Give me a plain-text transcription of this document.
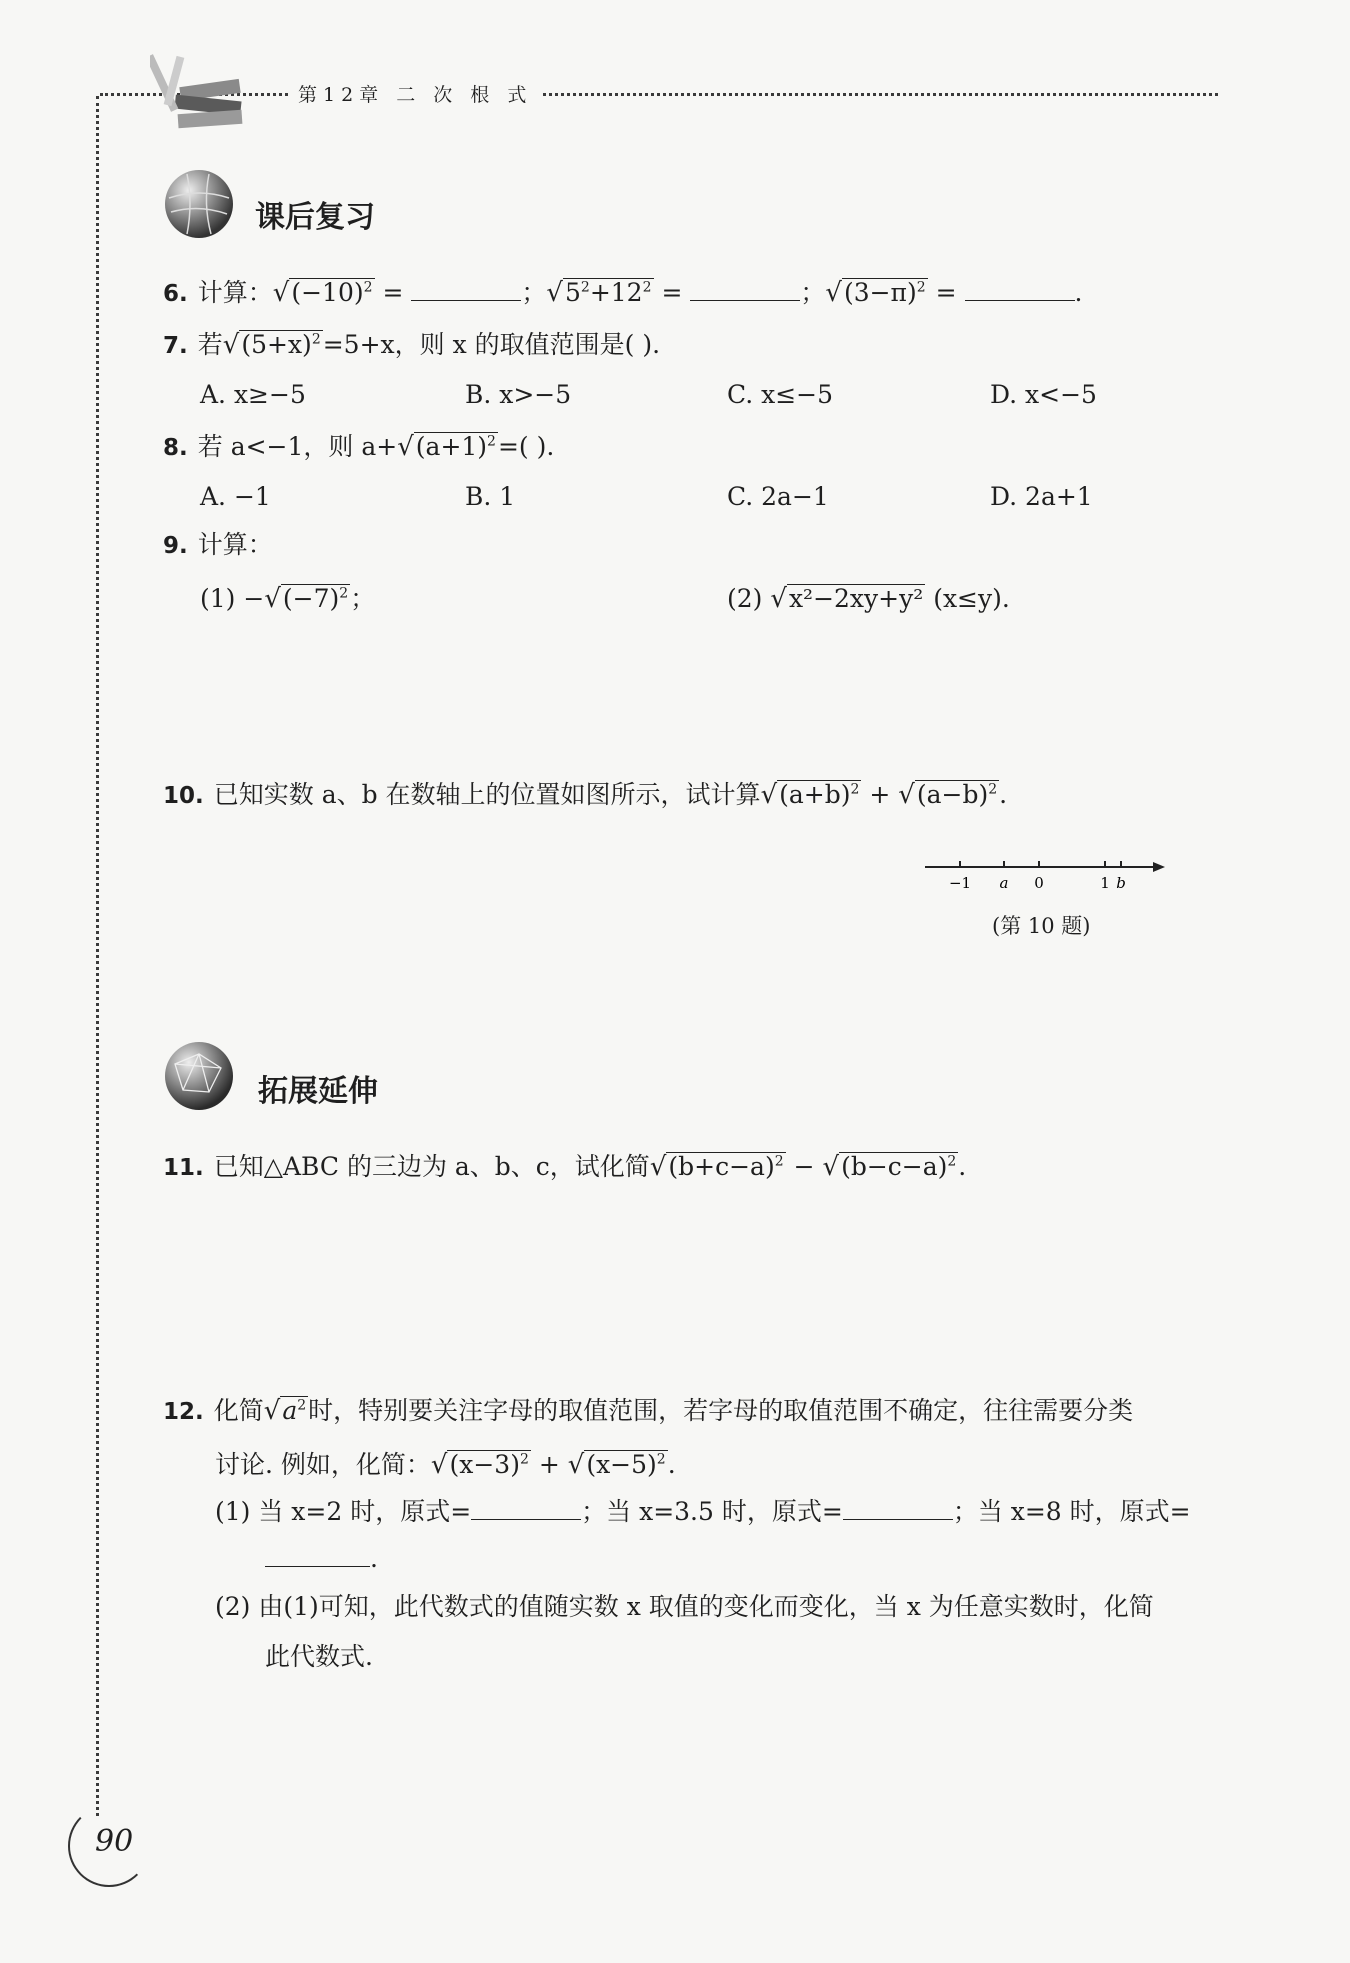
第12章 二 次 根 式
课后复习
6. 计算：$√(-10)^2$ =	；$√5^2+12^2$ =	；$√(3-\pi)^2$ =	.
7. 若$√(5+x)^2=5+x$，则 x 的取值范围是( ).
A. x≥−5	B. x>−5	C. x≤−5	D. x<−5
8. 若 a<−1，则 $a+√(a+1)^2=$( ).
A. −1	B. 1	C. 2a−1	D. 2a+1
9. 计算：
$(1) -√(-7)^2$；	(2) √x²−2xy+y² (x≤y).
10. 已知实数 a、b 在数轴上的位置如图所示，试计算$√(a+b)^2 + √(a-b)^2$.
−1 a 0	1 b
(第 10 题)
拓展延伸
11. 已知△ABC 的三边为 a、b、c，试化简$√(b+c-a)^2 - √(b-c-a)^2$.
12. 化简$√a^2$时，特别要关注字母的取值范围，若字母的取值范围不确定，往往需要分类
讨论. 例如，化简：$√(x-3)^2 + √(x-5)^2$.
(1) 当 x=2 时，原式=	；当 x=3.5 时，原式=	；当 x=8 时，原式=
.
(2) 由(1)可知，此代数式的值随实数 x 取值的变化而变化，当 x 为任意实数时，化简
此代数式.
90
